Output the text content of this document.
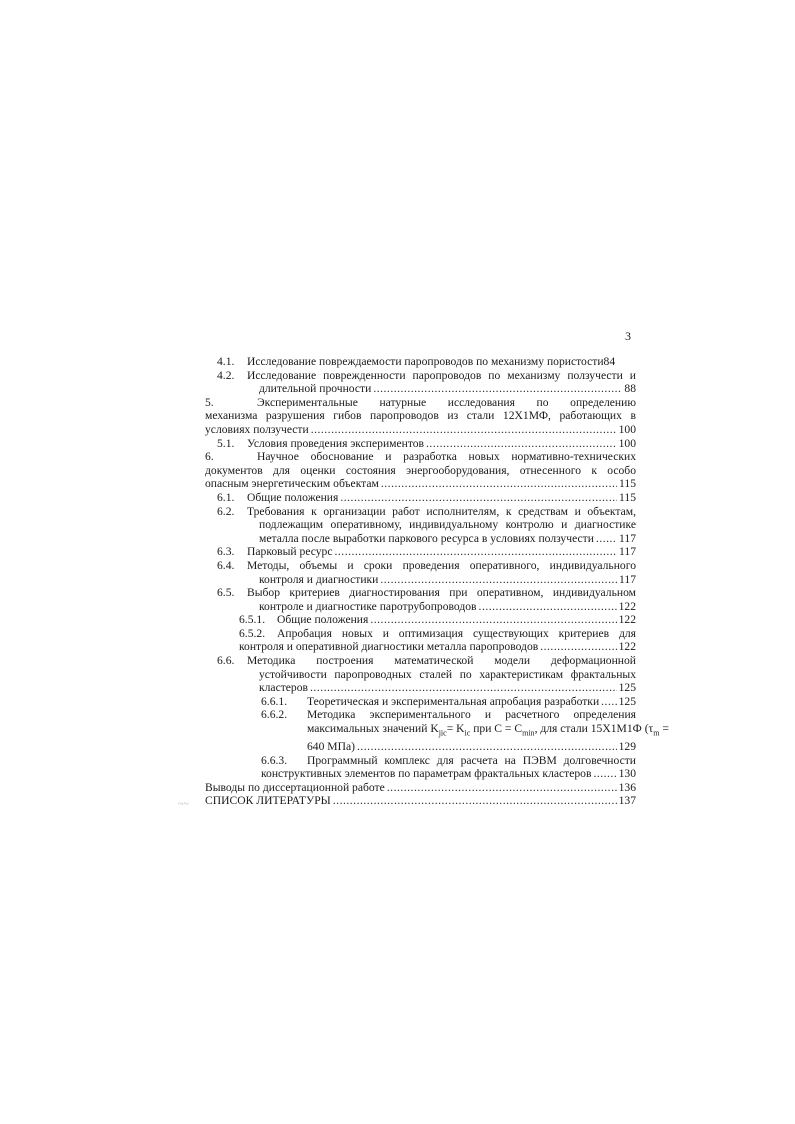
3
~~
4.1.	Исследование повреждаемости паропроводов по механизму пористости 84
4.2.	Исследование поврежденности паропроводов по механизму ползучести и
длительной прочности .....	88
5.	Экспериментальные натурные исследования по определению
механизма разрушения гибов паропроводов из стали 12Х1МФ, работающих в
условиях ползучести .....	100
5.1.	Условия проведения экспериментов .....	100
6.	Научное обоснование и разработка новых нормативно-технических
документов для оценки состояния энергооборудования, отнесенного к особо
опасным энергетическим объектам .....	115
6.1.	Общие положения .....	115
6.2.	Требования к организации работ исполнителям, к средствам и объектам,
подлежащим оперативному, индивидуальному контролю и диагностике
металла после выработки паркового ресурса в условиях ползучести ..... 117
6.3.	Парковый ресурс .....	117
6.4.	Методы, объемы и сроки проведения оперативного, индивидуального
контроля и диагностики .....	117
6.5.	Выбор критериев диагностирования при оперативном, индивидуальном
контроле и диагностике паротрубопроводов .....	122
6.5.1.	Общие положения .....	122
6.5.2.	Апробация новых и оптимизация существующих критериев для
контроля и оперативной диагностики металла паропроводов .....	122
6.6.	Методика построения математической модели деформационной
устойчивости паропроводных сталей по характеристикам фрактальных
кластеров .....	125
6.6.1.	Теоретическая и экспериментальная апробация разработки ..... 125
6.6.2.	Методика экспериментального и расчетного определения
максимальных значений $K_{jic}= K_{ic}$ при $C = C_{min}$, для стали 15Х1М1Ф ($\tau_m$ =
640 МПа) .....	129
6.6.3.	Программный комплекс для расчета на ПЭВМ долговечности
конструктивных элементов по параметрам фрактальных кластеров ..... 130
Выводы по диссертационной работе .....	136
СПИСОК ЛИТЕРАТУРЫ .....	137
